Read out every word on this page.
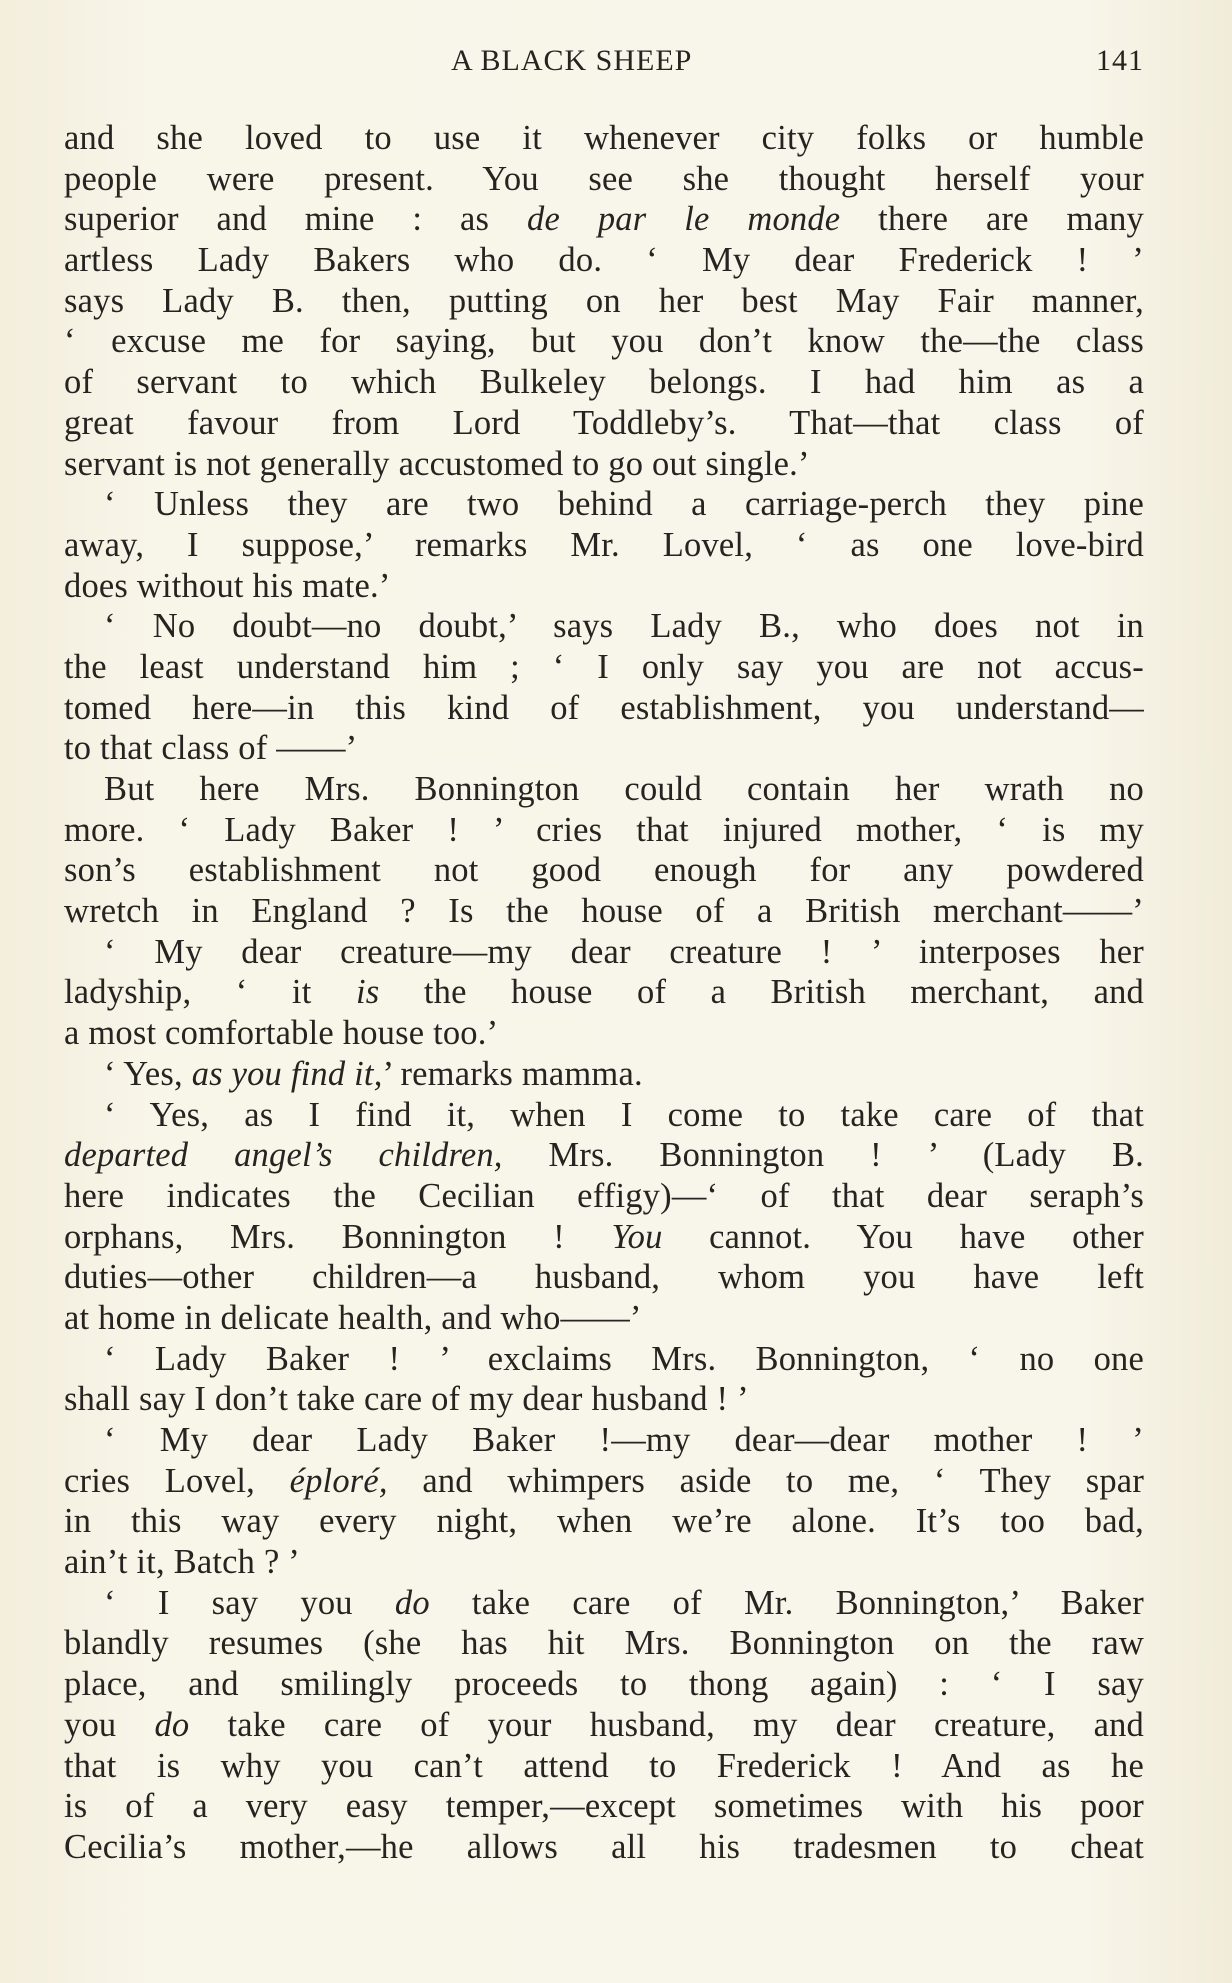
A BLACK SHEEP	141
and she loved to use it whenever city folks or humble
people were present. You see she thought herself your
superior and mine : as de par le monde there are many
artless Lady Bakers who do. ‘ My dear Frederick ! ’
says Lady B. then, putting on her best May Fair manner,
‘ excuse me for saying, but you don’t know the—the class
of servant to which Bulkeley belongs. I had him as a
great favour from Lord Toddleby’s. That—that class of
servant is not generally accustomed to go out single.’
‘ Unless they are two behind a carriage-perch they pine
away, I suppose,’ remarks Mr. Lovel, ‘ as one love-bird
does without his mate.’
‘ No doubt—no doubt,’ says Lady B., who does not in
the least understand him ; ‘ I only say you are not accus-
tomed here—in this kind of establishment, you understand—
to that class of ——’
But here Mrs. Bonnington could contain her wrath no
more. ‘ Lady Baker ! ’ cries that injured mother, ‘ is my
son’s establishment not good enough for any powdered
wretch in England ? Is the house of a British merchant——’
‘ My dear creature—my dear creature ! ’ interposes her
ladyship, ‘ it is the house of a British merchant, and
a most comfortable house too.’
‘ Yes, as you find it,’ remarks mamma.
‘ Yes, as I find it, when I come to take care of that
departed angel’s children, Mrs. Bonnington ! ’ (Lady B.
here indicates the Cecilian effigy)—‘ of that dear seraph’s
orphans, Mrs. Bonnington ! You cannot. You have other
duties—other children—a husband, whom you have left
at home in delicate health, and who——’
‘ Lady Baker ! ’ exclaims Mrs. Bonnington, ‘ no one
shall say I don’t take care of my dear husband ! ’
‘ My dear Lady Baker !—my dear—dear mother ! ’
cries Lovel, éploré, and whimpers aside to me, ‘ They spar
in this way every night, when we’re alone. It’s too bad,
ain’t it, Batch ? ’
‘ I say you do take care of Mr. Bonnington,’ Baker
blandly resumes (she has hit Mrs. Bonnington on the raw
place, and smilingly proceeds to thong again) : ‘ I say
you do take care of your husband, my dear creature, and
that is why you can’t attend to Frederick ! And as he
is of a very easy temper,—except sometimes with his poor
Cecilia’s mother,—he allows all his tradesmen to cheat
